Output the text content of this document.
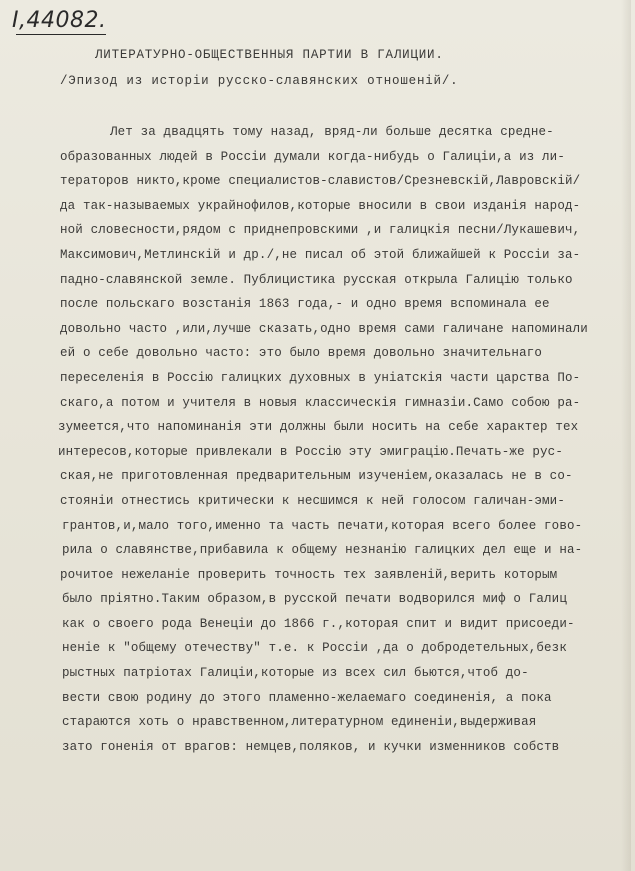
I,44082.
ЛИТЕРАТУРНО-ОБЩЕСТВЕННЫЯ ПАРТИИ В ГАЛИЦИИ.
/Эпизод из исторiи русско-славянских отношенiй/.
Лет за двадцять тому назад, вряд-ли больше десятка средне-
образованных людей в Россiи думали когда-нибудь о Галицiи,а из ли-
тераторов никто,кроме специалистов-славистов/Срезневскiй,Лавровскiй/
да так-называемых украйнофилов,которые вносили в свои изданiя народ-
ной словесности,рядом с приднепровскими ,и галицкiя песни/Лукашевич,
Максимович,Метлинскiй и др./,не писал об этой ближайшей к Россiи за-
падно-славянской земле. Публицистика русская открыла Галицiю только
после польскаго возстанiя 1863 года,- и одно время вспоминала ее
довольно часто ,или,лучше сказать,одно время сами галичане напоминали
ей о себе довольно часто: это было время довольно значительнаго
переселенiя в Россiю галицких духовных в унiатскiя части царства По-
скаго,а потом и учителя в новыя классическiя гимназiи.Само собою ра-
зумеется,что напоминанiя эти должны были носить на себе характер тех
интересов,которые привлекали в Россiю эту эмиграцiю.Печать-же рус-
ская,не приготовленная предварительным изученiем,оказалась не в со-
стоянiи отнестись критически к несшимся к ней голосом галичан-эми-
грантов,и,мало того,именно та часть печати,которая всего более гово-
рила о славянстве,прибавила к общему незнанiю галицких дел еще и на-
рочитое нежеланiе проверить точность тех заявленiй,верить которым
было прiятно.Таким образом,в русской печати водворился миф о Галиц
как о своего рода Венецiи до 1866 г.,которая спит и видит присоеди-
ненiе к "общему отечеству" т.е. к Россiи ,да о добродетельных,безк
рыстных патрiотах Галицiи,которые из всех сил бьются,чтоб до-
вести свою родину до этого пламенно-желаемаго соединенiя, а пока
стараются хоть о нравственном,литературном единенiи,выдерживая
зато гоненiя от врагов: немцев,поляков, и кучки изменников собств
